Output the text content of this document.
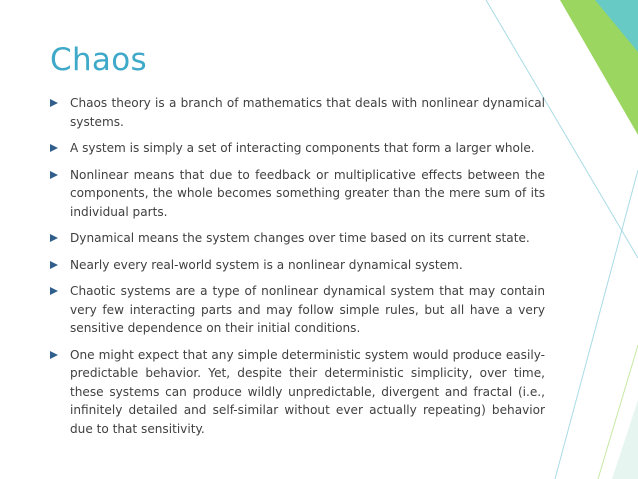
Chaos
Chaos theory is a branch of mathematics that deals with nonlinear dynamical systems.
A system is simply a set of interacting components that form a larger whole.
Nonlinear means that due to feedback or multiplicative effects between the components, the whole becomes something greater than the mere sum of its individual parts.
Dynamical means the system changes over time based on its current state.
Nearly every real-world system is a nonlinear dynamical system.
Chaotic systems are a type of nonlinear dynamical system that may contain very few interacting parts and may follow simple rules, but all have a very sensitive dependence on their initial conditions.
One might expect that any simple deterministic system would produce easily-predictable behavior. Yet, despite their deterministic simplicity, over time, these systems can produce wildly unpredictable, divergent and fractal (i.e., infinitely detailed and self-similar without ever actually repeating) behavior due to that sensitivity.
